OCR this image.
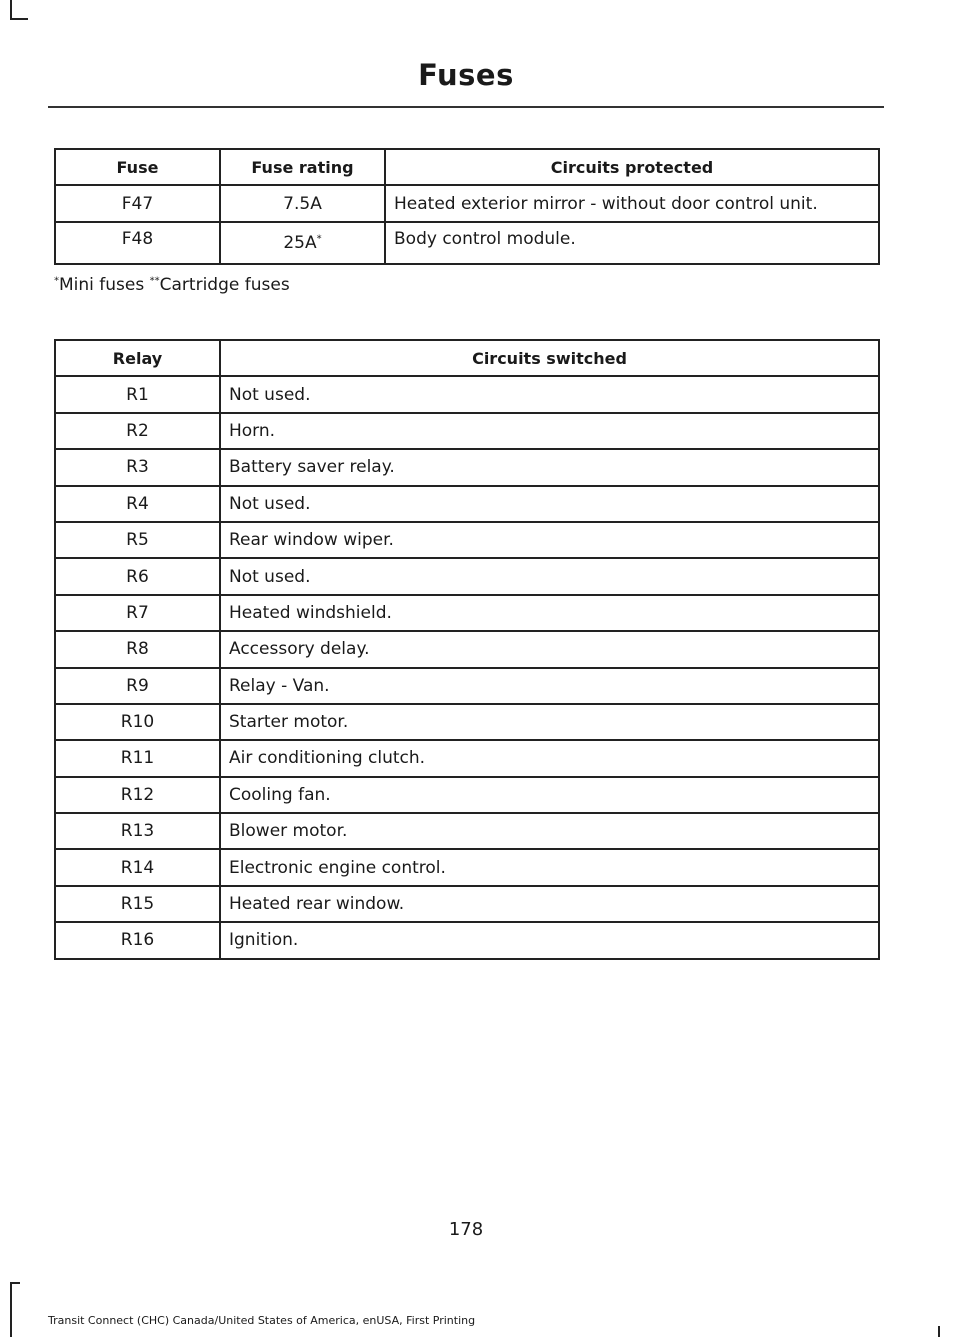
Fuses
Fuse	Fuse rating	Circuits protected
F47	7.5A	Heated exterior mirror - without door control unit.
F48	25A*	Body control module.
*Mini fuses **Cartridge fuses
Relay	Circuits switched
R1	Not used.
R2	Horn.
R3	Battery saver relay.
R4	Not used.
R5	Rear window wiper.
R6	Not used.
R7	Heated windshield.
R8	Accessory delay.
R9	Relay - Van.
R10	Starter motor.
R11	Air conditioning clutch.
R12	Cooling fan.
R13	Blower motor.
R14	Electronic engine control.
R15	Heated rear window.
R16	Ignition.
178
Transit Connect (CHC) Canada/United States of America, enUSA, First Printing
